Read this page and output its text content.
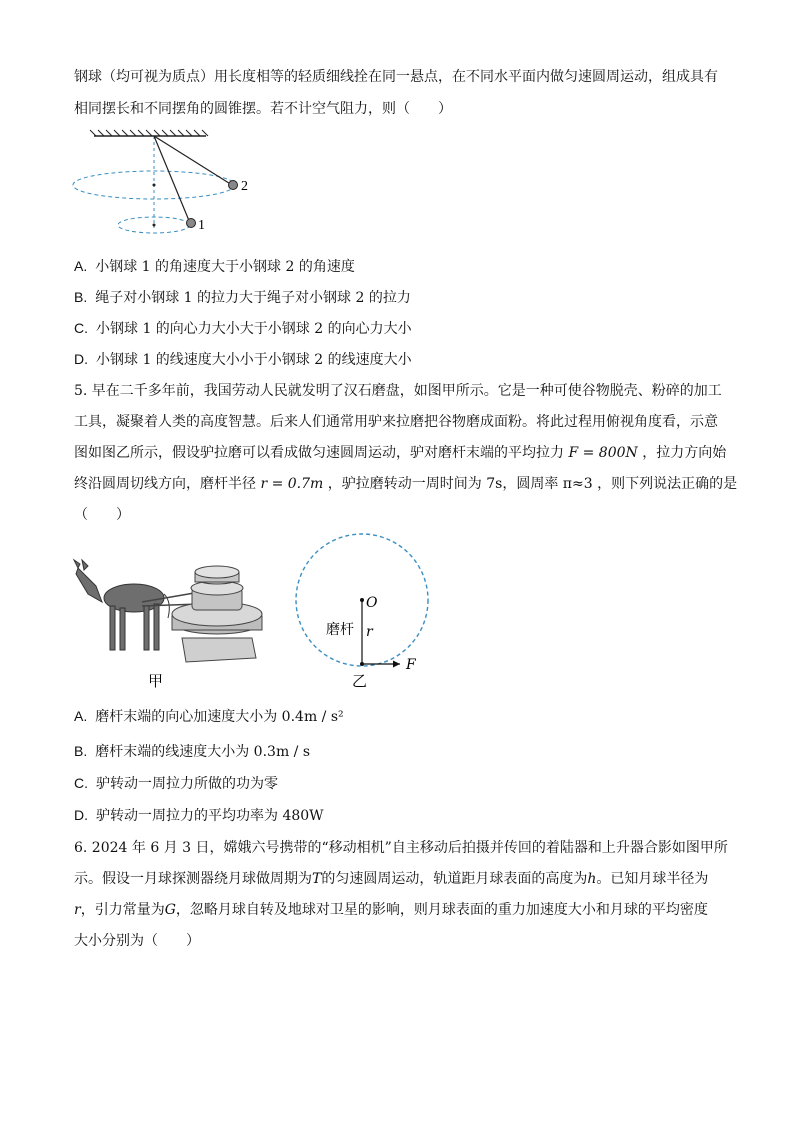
钢球（均可视为质点）用长度相等的轻质细线拴在同一悬点，在不同水平面内做匀速圆周运动，组成具有
相同摆长和不同摆角的圆锥摆。若不计空气阻力，则（　　）
2
1
A. 小钢球 1 的角速度大于小钢球 2 的角速度
B. 绳子对小钢球 1 的拉力大于绳子对小钢球 2 的拉力
C. 小钢球 1 的向心力大小大于小钢球 2 的向心力大小
D. 小钢球 1 的线速度大小小于小钢球 2 的线速度大小
5. 早在二千多年前，我国劳动人民就发明了汉石磨盘，如图甲所示。它是一种可使谷物脱壳、粉碎的加工
工具，凝聚着人类的高度智慧。后来人们通常用驴来拉磨把谷物磨成面粉。将此过程用俯视角度看，示意
图如图乙所示，假设驴拉磨可以看成做匀速圆周运动，驴对磨杆末端的平均拉力 F = 800N ，拉力方向始
终沿圆周切线方向，磨杆半径 r = 0.7m ，驴拉磨转动一周时间为 7s，圆周率 π≈3 ，则下列说法正确的是
（　　）
甲
O
磨杆 r
F
乙
A. 磨杆末端的向心加速度大小为 0.4m / s²
B. 磨杆末端的线速度大小为 0.3m / s
C. 驴转动一周拉力所做的功为零
D. 驴转动一周拉力的平均功率为 480W
6. 2024 年 6 月 3 日，嫦娥六号携带的“移动相机”自主移动后拍摄并传回的着陆器和上升器合影如图甲所
示。假设一月球探测器绕月球做周期为T的匀速圆周运动，轨道距月球表面的高度为h。已知月球半径为
r，引力常量为G，忽略月球自转及地球对卫星的影响，则月球表面的重力加速度大小和月球的平均密度
大小分别为（　　）
